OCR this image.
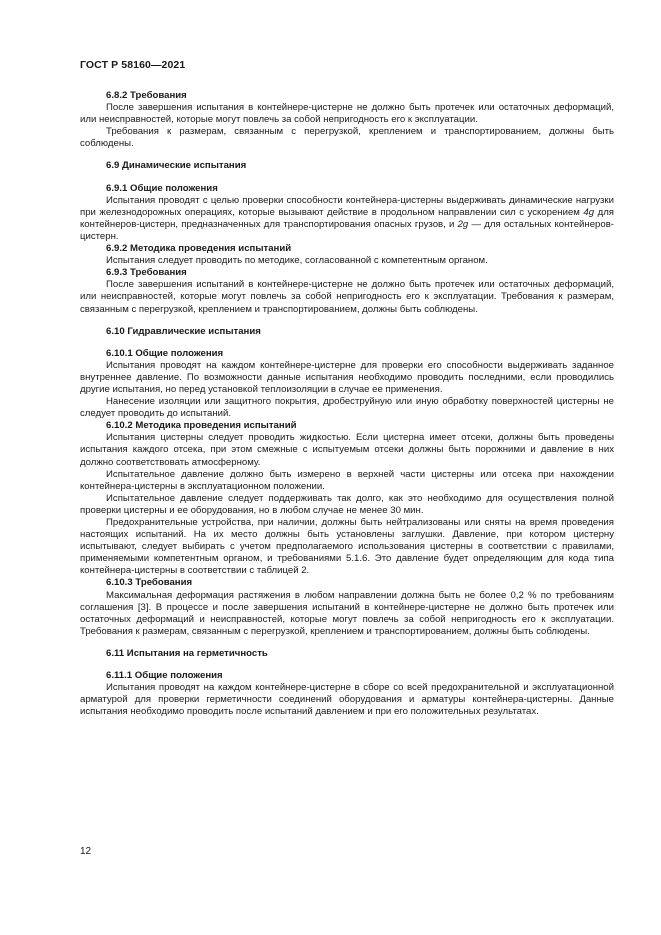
ГОСТ Р 58160—2021
6.8.2 Требования

После завершения испытания в контейнере-цистерне не должно быть протечек или остаточных деформаций, или неисправностей, которые могут повлечь за собой непригодность его к эксплуатации.

Требования к размерам, связанным с перегрузкой, креплением и транспортированием, должны быть соблюдены.

6.9 Динамические испытания
6.9.1 Общие положения

Испытания проводят с целью проверки способности контейнера-цистерны выдерживать динамические нагрузки при железнодорожных операциях, которые вызывают действие в продольном направлении сил с ускорением 4g для контейнеров-цистерн, предназначенных для транспортирования опасных грузов, и 2g — для остальных контейнеров-цистерн.

6.9.2 Методика проведения испытаний

Испытания следует проводить по методике, согласованной с компетентным органом.

6.9.3 Требования

После завершения испытаний в контейнере-цистерне не должно быть протечек или остаточных деформаций, или неисправностей, которые могут повлечь за собой непригодность его к эксплуатации. Требования к размерам, связанным с перегрузкой, креплением и транспортированием, должны быть соблюдены.

6.10 Гидравлические испытания
6.10.1 Общие положения

Испытания проводят на каждом контейнере-цистерне для проверки его способности выдерживать заданное внутреннее давление. По возможности данные испытания необходимо проводить последними, если проводились другие испытания, но перед установкой теплоизоляции в случае ее применения.

Нанесение изоляции или защитного покрытия, дробеструйную или иную обработку поверхностей цистерны не следует проводить до испытаний.

6.10.2 Методика проведения испытаний

Испытания цистерны следует проводить жидкостью. Если цистерна имеет отсеки, должны быть проведены испытания каждого отсека, при этом смежные с испытуемым отсеки должны быть порожними и давление в них должно соответствовать атмосферному.

Испытательное давление должно быть измерено в верхней части цистерны или отсека при нахождении контейнера-цистерны в эксплуатационном положении.

Испытательное давление следует поддерживать так долго, как это необходимо для осуществления полной проверки цистерны и ее оборудования, но в любом случае не менее 30 мин.

Предохранительные устройства, при наличии, должны быть нейтрализованы или сняты на время проведения настоящих испытаний. На их место должны быть установлены заглушки. Давление, при котором цистерну испытывают, следует выбирать с учетом предполагаемого использования цистерны в соответствии с правилами, применяемыми компетентным органом, и требованиями 5.1.6. Это давление будет определяющим для кода типа контейнера-цистерны в соответствии с таблицей 2.

6.10.3 Требования

Максимальная деформация растяжения в любом направлении должна быть не более 0,2 % по требованиям соглашения [3]. В процессе и после завершения испытаний в контейнере-цистерне не должно быть протечек или остаточных деформаций и неисправностей, которые могут повлечь за собой непригодность его к эксплуатации. Требования к размерам, связанным с перегрузкой, креплением и транспортированием, должны быть соблюдены.

6.11 Испытания на герметичность
6.11.1 Общие положения

Испытания проводят на каждом контейнере-цистерне в сборе со всей предохранительной и эксплуатационной арматурой для проверки герметичности соединений оборудования и арматуры контейнера-цистерны. Данные испытания необходимо проводить после испытаний давлением и при его положительных результатах.

12
